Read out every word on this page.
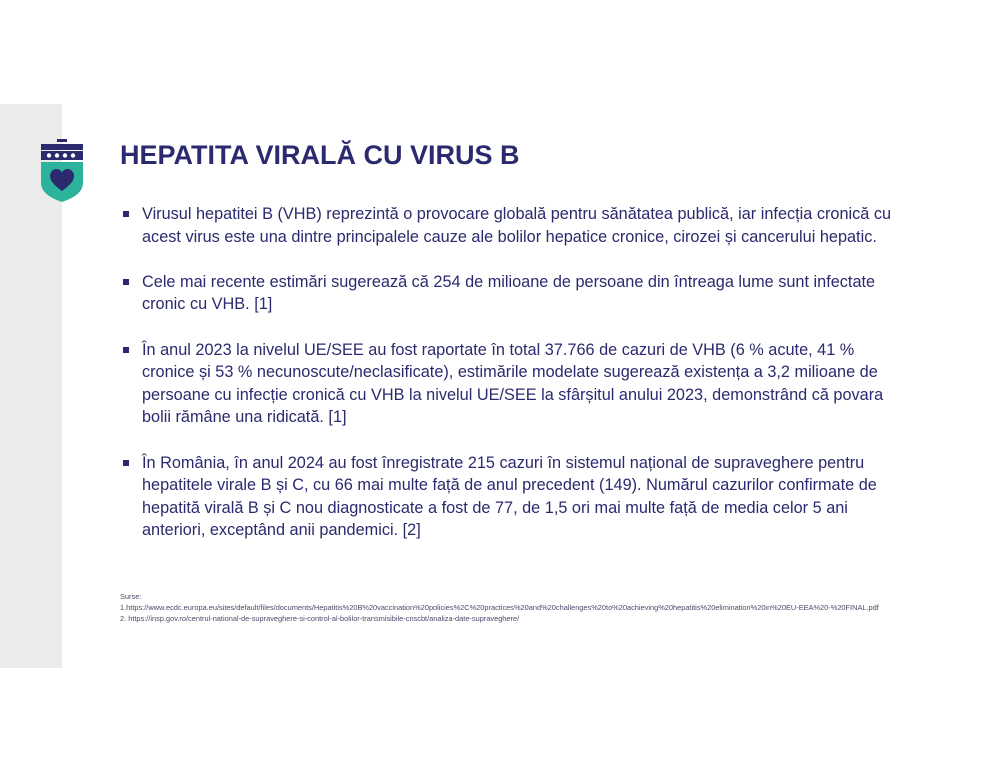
12
HEPATITA VIRALĂ CU VIRUS B
Virusul hepatitei B (VHB) reprezintă o provocare globală pentru sănătatea publică, iar infecția cronică cu acest virus este una dintre principalele cauze ale bolilor hepatice cronice, cirozei și cancerului hepatic.
Cele mai recente estimări sugerează că 254 de milioane de persoane din întreaga lume sunt infectate cronic cu VHB. [1]
În anul 2023 la nivelul UE/SEE au fost raportate în total 37.766 de cazuri de VHB (6 % acute, 41 % cronice și 53 % necunoscute/neclasificate), estimările modelate sugerează existența a 3,2 milioane de persoane cu infecție cronică cu VHB la nivelul UE/SEE la sfârșitul anului 2023, demonstrând că povara bolii rămâne una ridicată. [1]
În România, în anul 2024 au fost înregistrate 215 cazuri în sistemul național de supraveghere pentru hepatitele virale B și C, cu 66 mai multe față de anul precedent (149). Numărul cazurilor confirmate de hepatită virală B și C nou diagnosticate a fost de 77, de 1,5 ori mai multe față de media celor 5 ani anteriori, exceptând anii pandemici. [2]
Surse:
1.https://www.ecdc.europa.eu/sites/default/files/documents/Hepatitis%20B%20vaccination%20policies%2C%20practices%20and%20challenges%20to%20achieving%20hepatitis%20elimination%20in%20EU-EEA%20-%20FINAL.pdf
2. https://insp.gov.ro/centrul-national-de-supraveghere-si-control-al-bolilor-transmisibile-cnscbt/analiza-date-supraveghere/
